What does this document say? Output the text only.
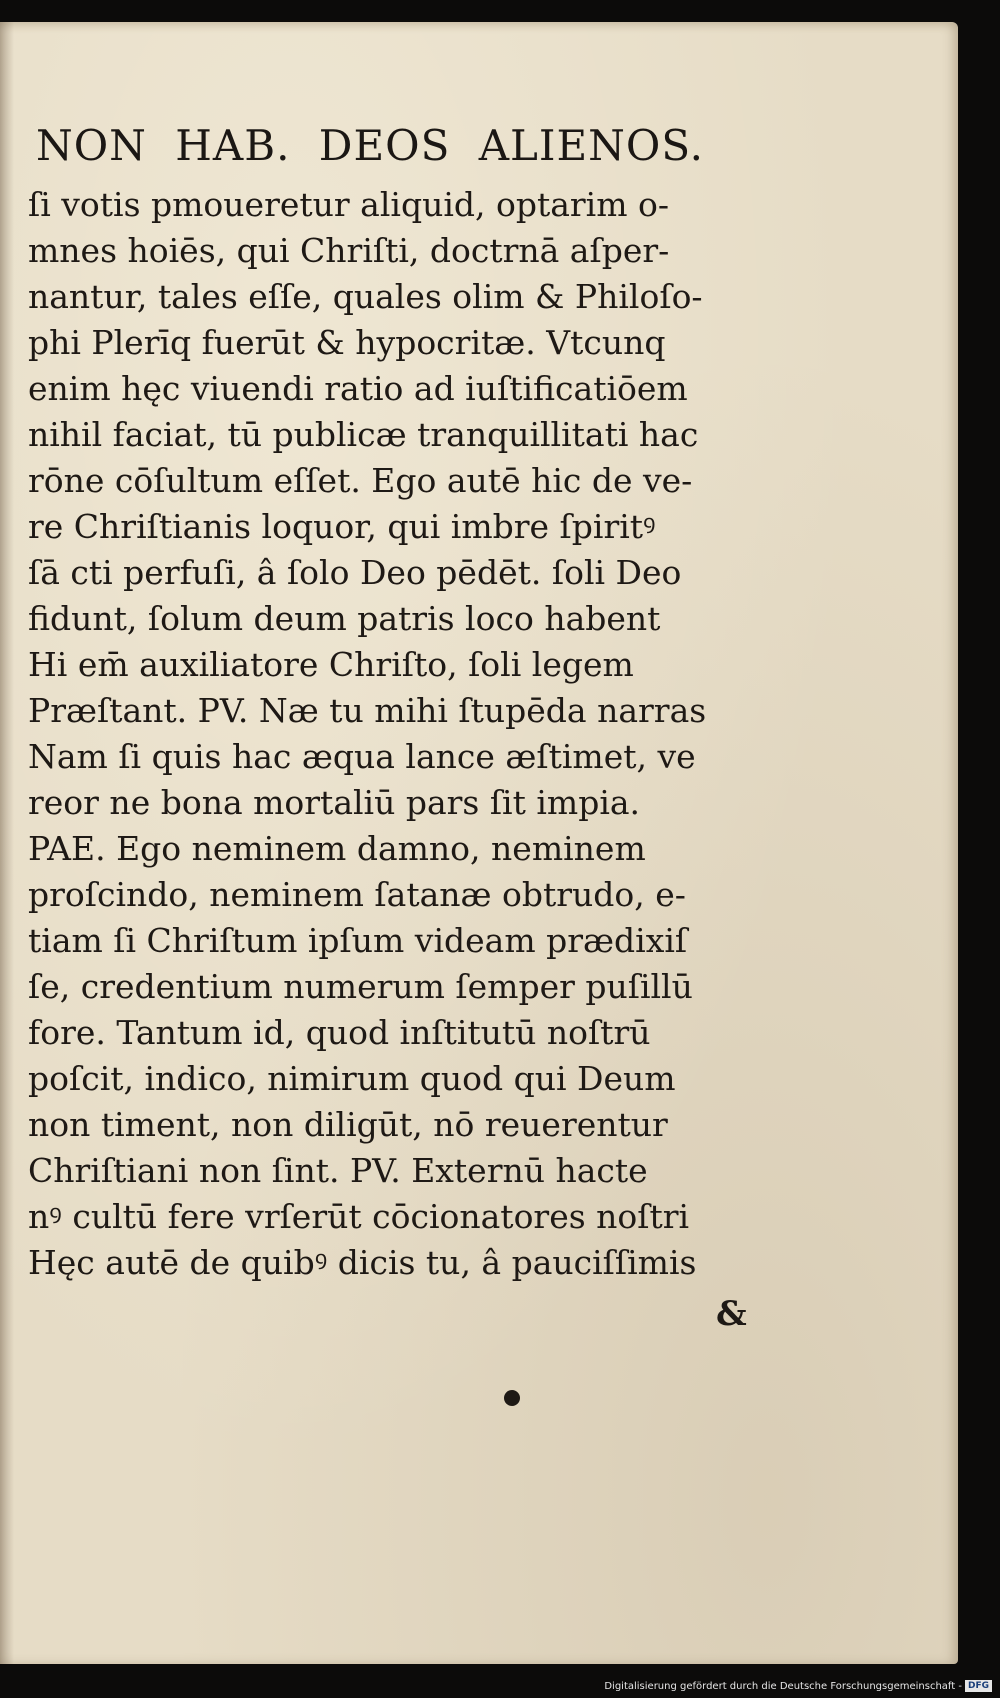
NON HAB. DEOS ALIENOS.
ſi votis pmoueretur aliquid, optarim o-
mnes hoiēs, qui Chriſti, doctrnā aſper-
nantur, tales eſſe, quales olim & Philoſo-
phi Plerīq fuerūt & hypocritæ. Vtcunq
enim hęc viuendi ratio ad iuſtificatiōem
nihil faciat, tū publicæ tranquillitati hac
rōne cōſultum eſſet. Ego autē hic de ve-
re Chriſtianis loquor, qui imbre ſpiritꝰ
ſā cti perfuſi, â ſolo Deo pēdēt. ſoli Deo
fidunt, ſolum deum patris loco habent
Hi em̄ auxiliatore Chriſto, ſoli legem
Præſtant. PV. Næ tu mihi ſtupēda narras
Nam ſi quis hac æqua lance æſtimet, ve
reor ne bona mortaliū pars ſit impia.
PAE. Ego neminem damno, neminem
proſcindo, neminem ſatanæ obtrudo, e-
tiam ſi Chriſtum ipſum videam prædixiſ
ſe, credentium numerum ſemper puſillū
fore. Tantum id, quod inſtitutū noſtrū
poſcit, indico, nimirum quod qui Deum
non timent, non diligūt, nō reuerentur
Chriſtiani non ſint. PV. Externū hacte
nꝰ cultū fere vrſerūt cōcionatores noſtri
Hęc autē de quibꝰ dicis tu, â pauciſſimis
&
Digitalisierung gefördert durch die Deutsche Forschungsgemeinschaft - DFG
